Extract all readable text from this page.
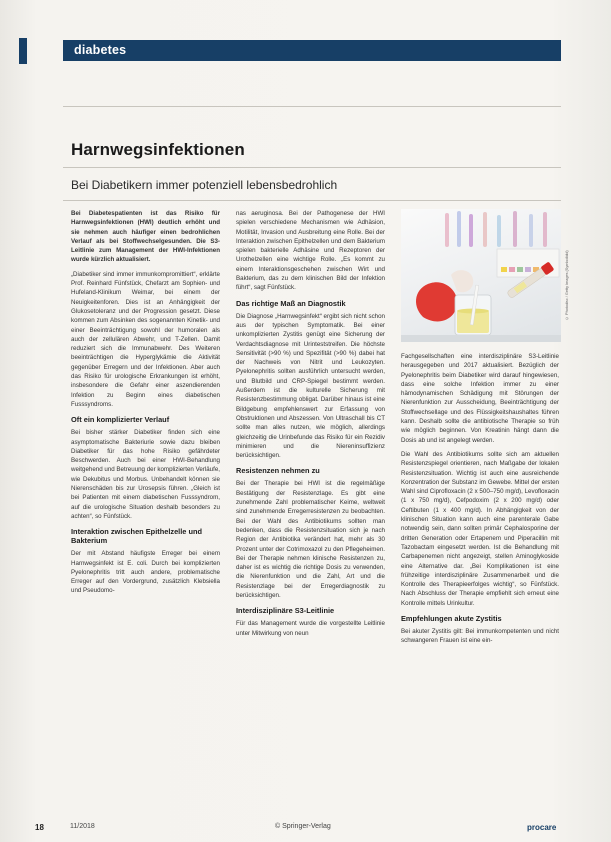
diabetes
Harnwegsinfektionen
Bei Diabetikern immer potenziell lebensbedrohlich

Bei Diabetespatienten ist das Risiko für Harnwegsinfektionen (HWI) deutlich erhöht und sie nehmen auch häufiger einen bedrohlichen Verlauf als bei Stoffwechselgesunden. Die S3-Leitlinie zum Management der HWI-Infektionen wurde kürzlich aktualisiert.

„Diabetiker sind immer immunkompromittiert“, erklärte Prof. Reinhard Fünfstück, Chefarzt am Sophien- und Hufeland-Klinikum Weimar, bei einem der Neuigkeitenforen. Dies ist an Anhängigkeit der Glukosetoleranz und der Progression gesetzt. Diese kommen zum Absinken des sogenannten Kinetik- und einer Beeinträchtigung sowohl der humoralen als auch der zellulären Abwehr, und T-Zellen. Damit reduziert sich die Immunabwehr. Des Weiteren beeinträchtigen die Hyperglykämie die Aktivität gegenüber Erregern und der Infektionen. Aber auch das Risiko für urologische Erkrankungen ist erhöht, insbesondere die Gefahr einer aszendierenden Infektion zu Beginn eines diabetischen Fusssyndroms.

Oft ein komplizierter Verlauf

Bei bisher stärker Diabetiker finden sich eine asymptomatische Bakteriurie sowie dazu bleiben Diabetiker für das hohe Risiko gefährdeter Beschwerden. Auch bei einer HWI-Behandlung weitgehend und Betreuung der komplizierten Verläufe, wie Dekubitus und Morbus. Unbehandelt können sie Nierenschäden bis zur Urosepsis führen. „Gleich ist bei Patienten mit einem diabetischen Fusssyndrom, auf die urologische Situation deshalb besonders zu achten“, so Fünfstück.

Interaktion zwischen Epithelzelle und Bakterium

Der mit Abstand häufigste Erreger bei einem Harnwegsinfekt ist E. coli. Durch bei komplizierten Pyelonephritis tritt auch andere, problematische Erreger auf den Vordergrund, zusätzlich Klebsiella und Pseudomo-

nas aeruginosa. Bei der Pathogenese der HWI spielen verschiedene Mechanismen wie Adhäsion, Motilität, Invasion und Ausbreitung eine Rolle. Bei der Interaktion zwischen Epithelzellen und dem Bakterium spielen bakterielle Adhäsine und Rezeptoren der Urothelzellen eine wichtige Rolle. „Es kommt zu einem Interaktionsgeschehen zwischen Wirt und Bakterium, das zu dem klinischen Bild der Infektion führt“, sagt Fünfstück.

Das richtige Maß an Diagnostik

Die Diagnose „Harnwegsinfekt“ ergibt sich nicht schon aus der typischen Symptomatik. Bei einer unkomplizierten Zystitis genügt eine Sicherung der Verdachtsdiagnose mit Urinteststreifen. Die höchste Sensitivität (>90 %) und Spezifität (>90 %) dabei hat der Nachweis von Nitrit und Leukozyten. Pyelonephritis sollten ausführlich untersucht werden, und Blutbild und CRP-Spiegel bestimmt werden. Außerdem ist die kulturelle Sicherung mit Resistenzbestimmung obligat. Darüber hinaus ist eine Bildgebung empfehlenswert zur Erfassung von Obstruktionen und Abszessen. Von Ultraschall bis CT sollte man alles nutzen, wie möglich, allerdings gleichzeitig die Urinbefunde das Risiko für ein Rezidiv minimieren und die Niereninsuffizienz berücksichtigen.

Resistenzen nehmen zu

Bei der Therapie bei HWI ist die regelmäßige Bestätigung der Resistenzlage. Es gibt eine zunehmende Zahl problematischer Keime, weltweit sind zunehmende Erregerresistenzen zu beobachten. Bei der Wahl des Antibiotikums sollten man bedenken, dass die Resistenzsituation sich je nach Region der Antibiotika verändert hat, mehr als 30 Prozent unter der Cotrimoxazol zu den Pflegeheimen. Bei der Therapie nehmen klinische Resistenzen zu, daher ist es wichtig die richtige Dosis zu verwenden, die Nierenfunktion und die Zahl, Art und die Resistenzlage bei der Erregerdiagnostik zu berücksichtigen.

Interdisziplinäre S3-Leitlinie

Für das Management wurde die vorgestellte Leitlinie unter Mitwirkung von neun

© Photodisc / Getty Images (Symbolbild)

Fachgesellschaften eine interdisziplinäre S3-Leitlinie herausgegeben und 2017 aktualisiert. Bezüglich der Pyelonephritis beim Diabetiker wird darauf hingewiesen, dass eine solche Infektion immer zu einer hämodynamischen Schädigung mit Störungen der Nierenfunktion zur Ausscheidung, Beeinträchtigung der Stoffwechsellage und des Flüssigkeitshaushaltes führen kann. Deshalb sollte die antibiotische Therapie so früh wie möglich beginnen. Von Kreatinin hängt dann die Dosis ab und ist angelegt werden.

Die Wahl des Antibiotikums sollte sich am aktuellen Resistenzspiegel orientieren, nach Maßgabe der lokalen Resistenzsituation. Wichtig ist auch eine ausreichende Konzentration der Substanz im Gewebe. Mittel der ersten Wahl sind Ciprofloxacin (2 x 500–750 mg/d), Levofloxacin (1 x 750 mg/d), Cefpodoxim (2 x 200 mg/d) oder Ceftibuten (1 x 400 mg/d). In Abhängigkeit von der klinischen Situation kann auch eine parenterale Gabe notwendig sein, dann sollten primär Cephalosporine der dritten Generation oder Ertapenem und Piperacillin mit Tazobactam eingesetzt werden. Ist die Behandlung mit Carbapenemen nicht angezeigt, stellen Aminoglykoside eine Alternative dar. „Bei Komplikationen ist eine frühzeitige interdisziplinäre Zusammenarbeit und die Kontrolle des Therapieerfolges wichtig“, so Fünfstück. Nach Abschluss der Therapie empfiehlt sich erneut eine Kontrolle mittels Urinkultur.

Empfehlungen akute Zystitis

Bei akuter Zystitis gilt: Bei immunkompetenten und nicht schwangeren Frauen ist eine ein-

18	11/2018	© Springer-Verlag	procare
